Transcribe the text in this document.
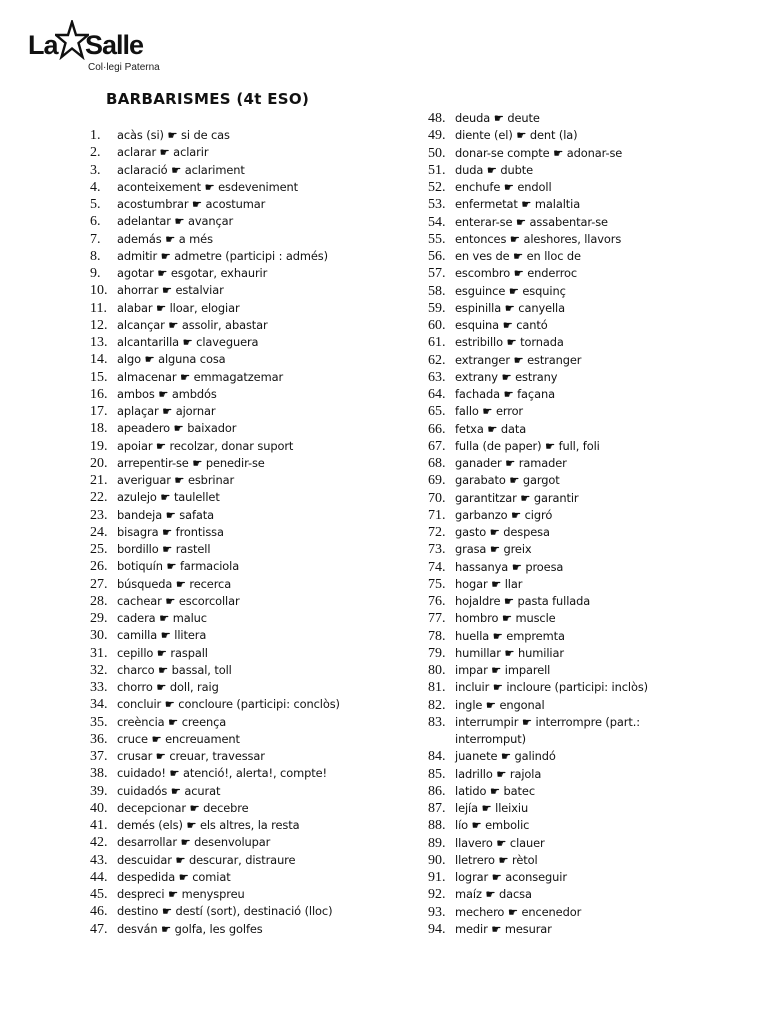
La Salle
Col·legi Paterna
BARBARISMES (4t ESO)
1.	acàs (si) ☛ si de cas
2.	aclarar ☛ aclarir
3.	aclaració ☛ aclariment
4.	aconteixement ☛ esdeveniment
5.	acostumbrar ☛ acostumar
6.	adelantar ☛ avançar
7.	además ☛ a més
8.	admitir ☛ admetre (participi : admés)
9.	agotar ☛ esgotar, exhaurir
10. ahorrar ☛ estalviar
11. alabar ☛ lloar, elogiar
12. alcançar ☛ assolir, abastar
13. alcantarilla ☛ claveguera
14. algo ☛ alguna cosa
15. almacenar ☛ emmagatzemar
16. ambos ☛ ambdós
17. aplaçar ☛ ajornar
18. apeadero ☛ baixador
19. apoiar ☛ recolzar, donar suport
20. arrepentir-se ☛ penedir-se
21. averiguar ☛ esbrinar
22. azulejo ☛ taulellet
23. bandeja ☛ safata
24. bisagra ☛ frontissa
25. bordillo ☛ rastell
26. botiquín ☛ farmaciola
27. búsqueda ☛ recerca
28. cachear ☛ escorcollar
29. cadera ☛ maluc
30. camilla ☛ llitera
31. cepillo ☛ raspall
32. charco ☛ bassal, toll
33. chorro ☛ doll, raig
34. concluir ☛ concloure (participi: conclòs)
35. creència ☛ creença
36. cruce ☛ encreuament
37. crusar ☛ creuar, travessar
38. cuidado! ☛ atenció!, alerta!, compte!
39. cuidadós ☛ acurat
40. decepcionar ☛ decebre
41. demés (els) ☛ els altres, la resta
42. desarrollar ☛ desenvolupar
43. descuidar ☛ descurar, distraure
44. despedida ☛ comiat
45. despreci ☛ menyspreu
46. destino ☛ destí (sort), destinació (lloc)
47. desván ☛ golfa, les golfes
48. deuda ☛ deute
49. diente (el) ☛ dent (la)
50. donar-se compte ☛ adonar-se
51. duda ☛ dubte
52. enchufe ☛ endoll
53. enfermetat ☛ malaltia
54. enterar-se ☛ assabentar-se
55. entonces ☛ aleshores, llavors
56. en ves de ☛ en lloc de
57. escombro ☛ enderroc
58. esguince ☛ esquinç
59. espinilla ☛ canyella
60. esquina ☛ cantó
61. estribillo ☛ tornada
62. extranger ☛ estranger
63. extrany ☛ estrany
64. fachada ☛ façana
65. fallo ☛ error
66. fetxa ☛ data
67. fulla (de paper) ☛ full, foli
68. ganader ☛ ramader
69. garabato ☛ gargot
70. garantitzar ☛ garantir
71. garbanzo ☛ cigró
72. gasto ☛ despesa
73. grasa ☛ greix
74. hassanya ☛ proesa
75. hogar ☛ llar
76. hojaldre ☛ pasta fullada
77. hombro ☛ muscle
78. huella ☛ empremta
79. humillar ☛ humiliar
80. impar ☛ imparell
81. incluir ☛ incloure (participi: inclòs)
82. ingle ☛ engonal
83. interrumpir ☛ interrompre (part.:
interromput)
84. juanete ☛ galindó
85. ladrillo ☛ rajola
86. latido ☛ batec
87. lejía ☛ lleixiu
88. lío ☛ embolic
89. llavero ☛ clauer
90. lletrero ☛ rètol
91. lograr ☛ aconseguir
92. maíz ☛ dacsa
93. mechero ☛ encenedor
94. medir ☛ mesurar
